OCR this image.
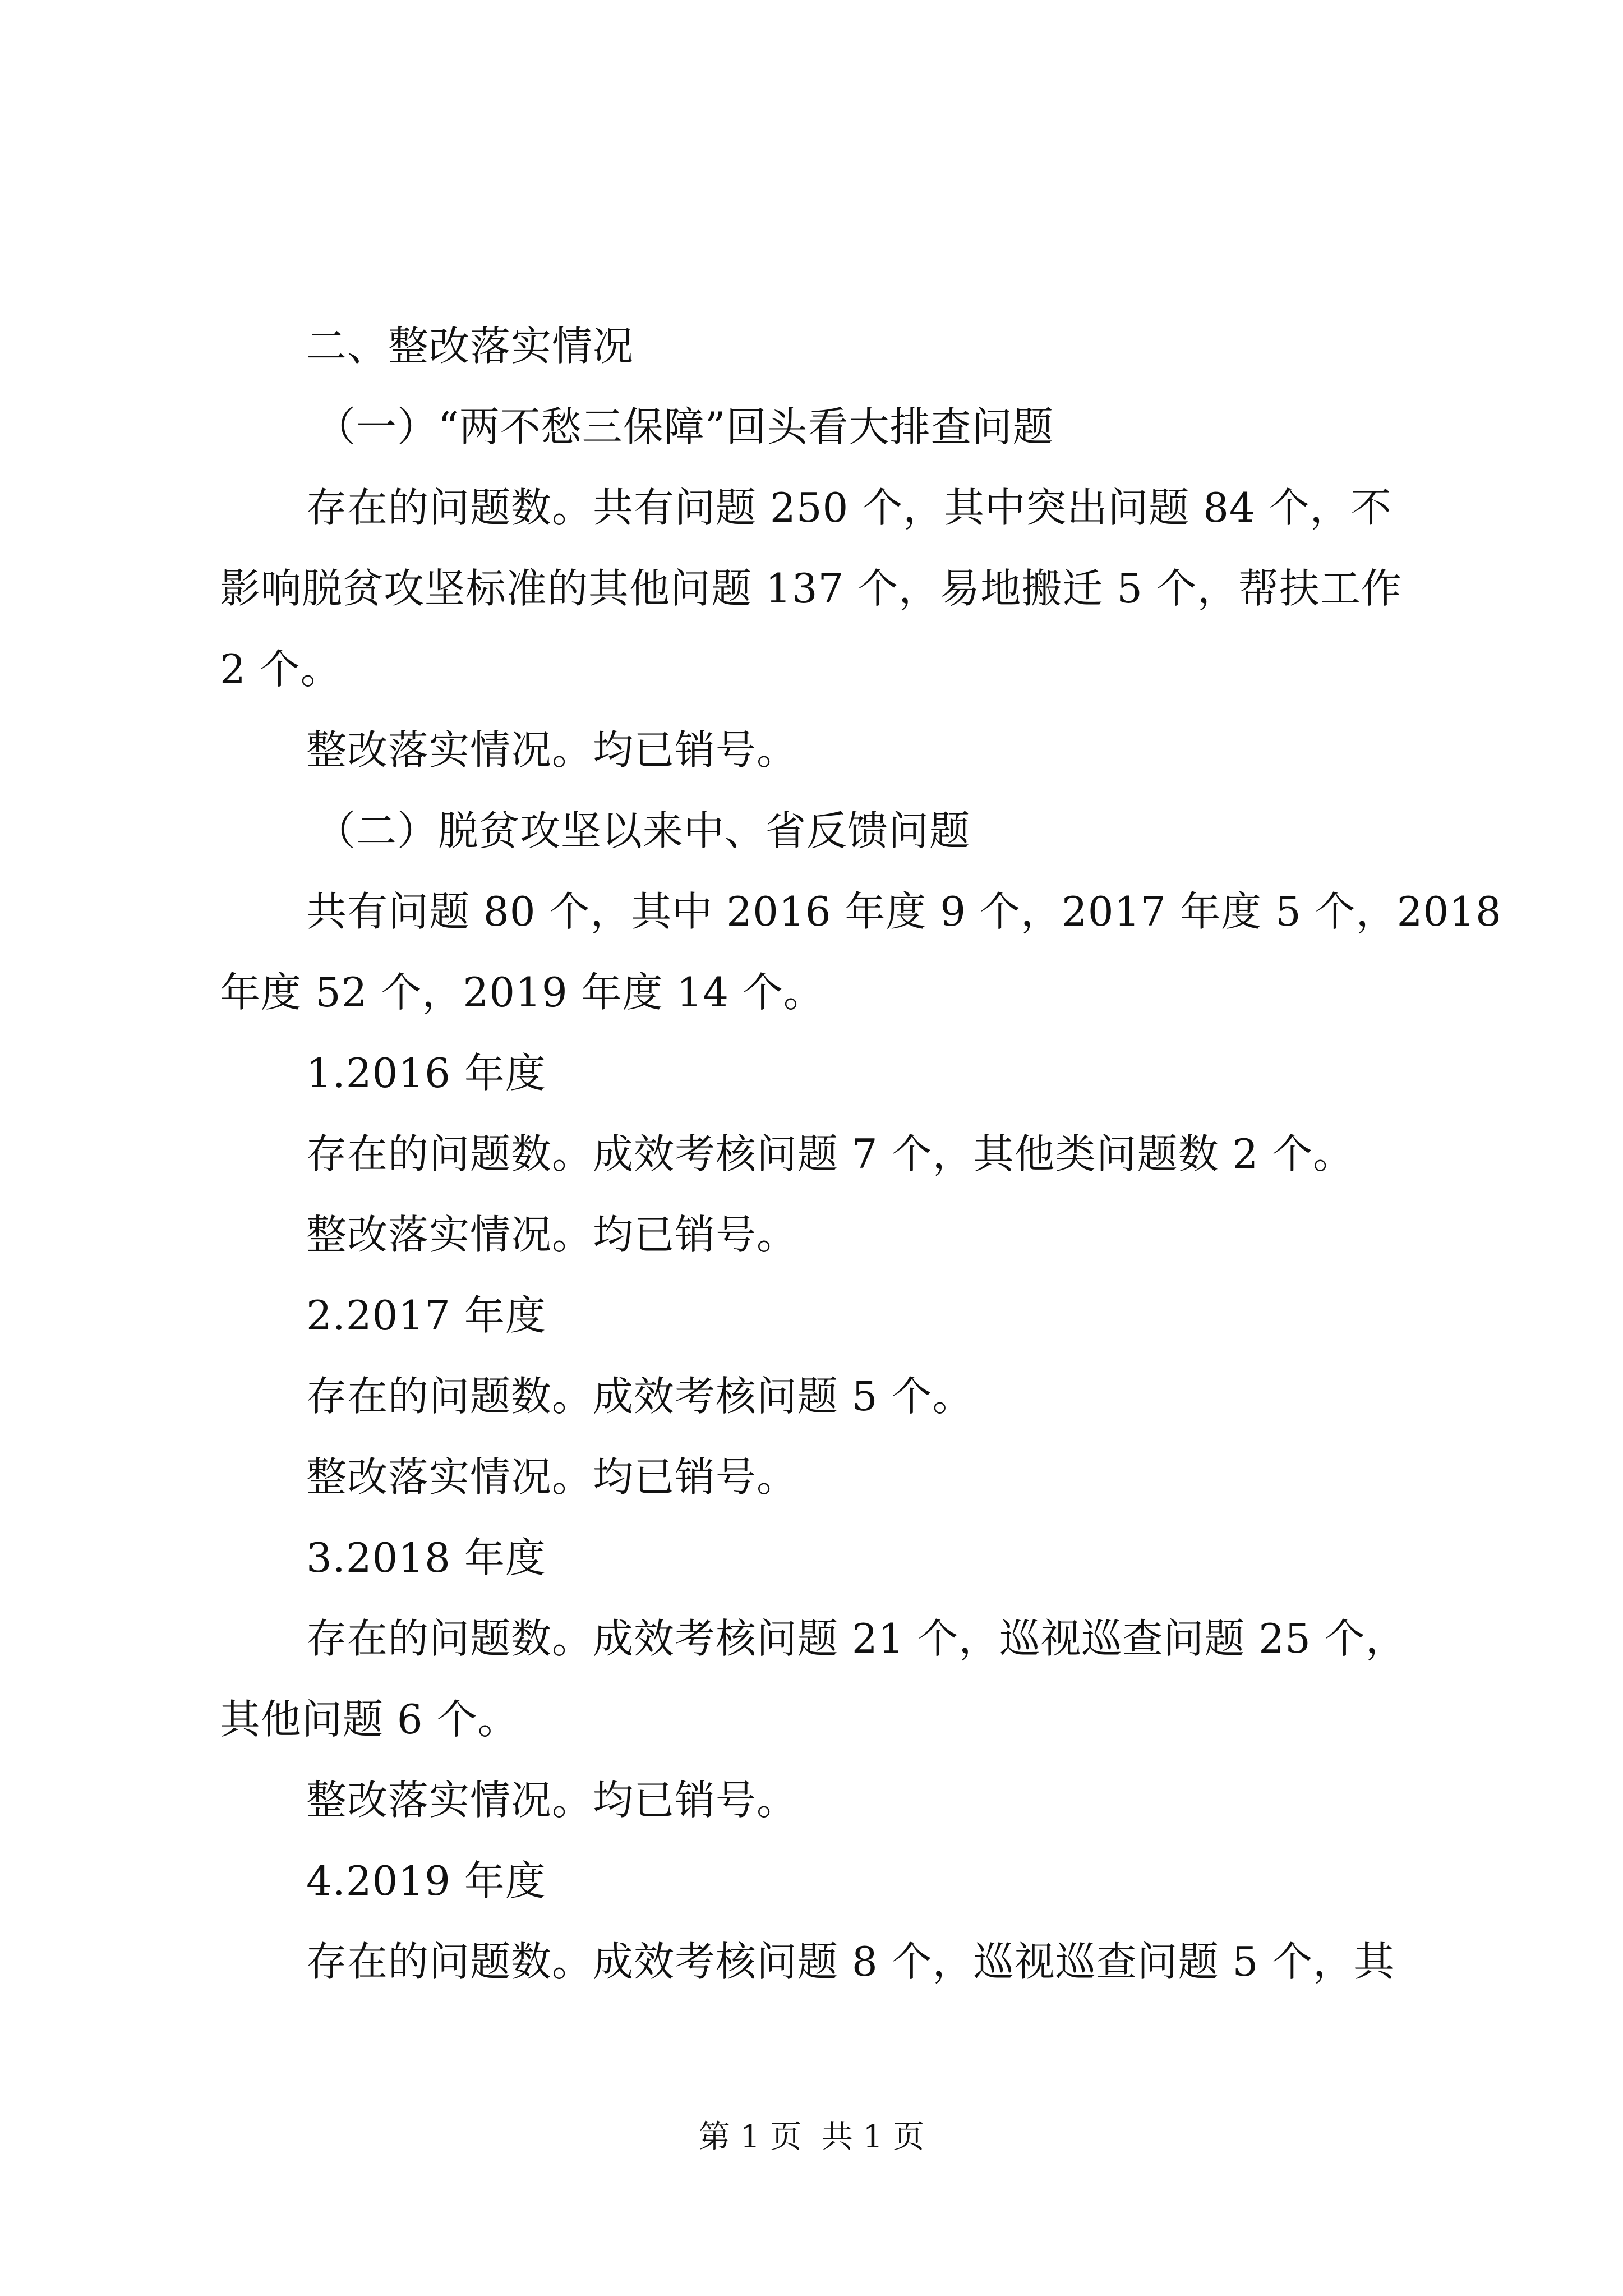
二、整改落实情况
（一）“两不愁三保障”回头看大排查问题
存在的问题数。共有问题 250 个，其中突出问题 84 个，不
影响脱贫攻坚标准的其他问题 137 个，易地搬迁 5 个，帮扶工作
2 个。
整改落实情况。均已销号。
（二）脱贫攻坚以来中、省反馈问题
共有问题 80 个，其中 2016 年度 9 个，2017 年度 5 个，2018
年度 52 个，2019 年度 14 个。
1.2016 年度
存在的问题数。成效考核问题 7 个，其他类问题数 2 个。
整改落实情况。均已销号。
2.2017 年度
存在的问题数。成效考核问题 5 个。
整改落实情况。均已销号。
3.2018 年度
存在的问题数。成效考核问题 21 个，巡视巡查问题 25 个，
其他问题 6 个。
整改落实情况。均已销号。
4.2019 年度
存在的问题数。成效考核问题 8 个，巡视巡查问题 5 个，其
第 1 页  共 1 页
